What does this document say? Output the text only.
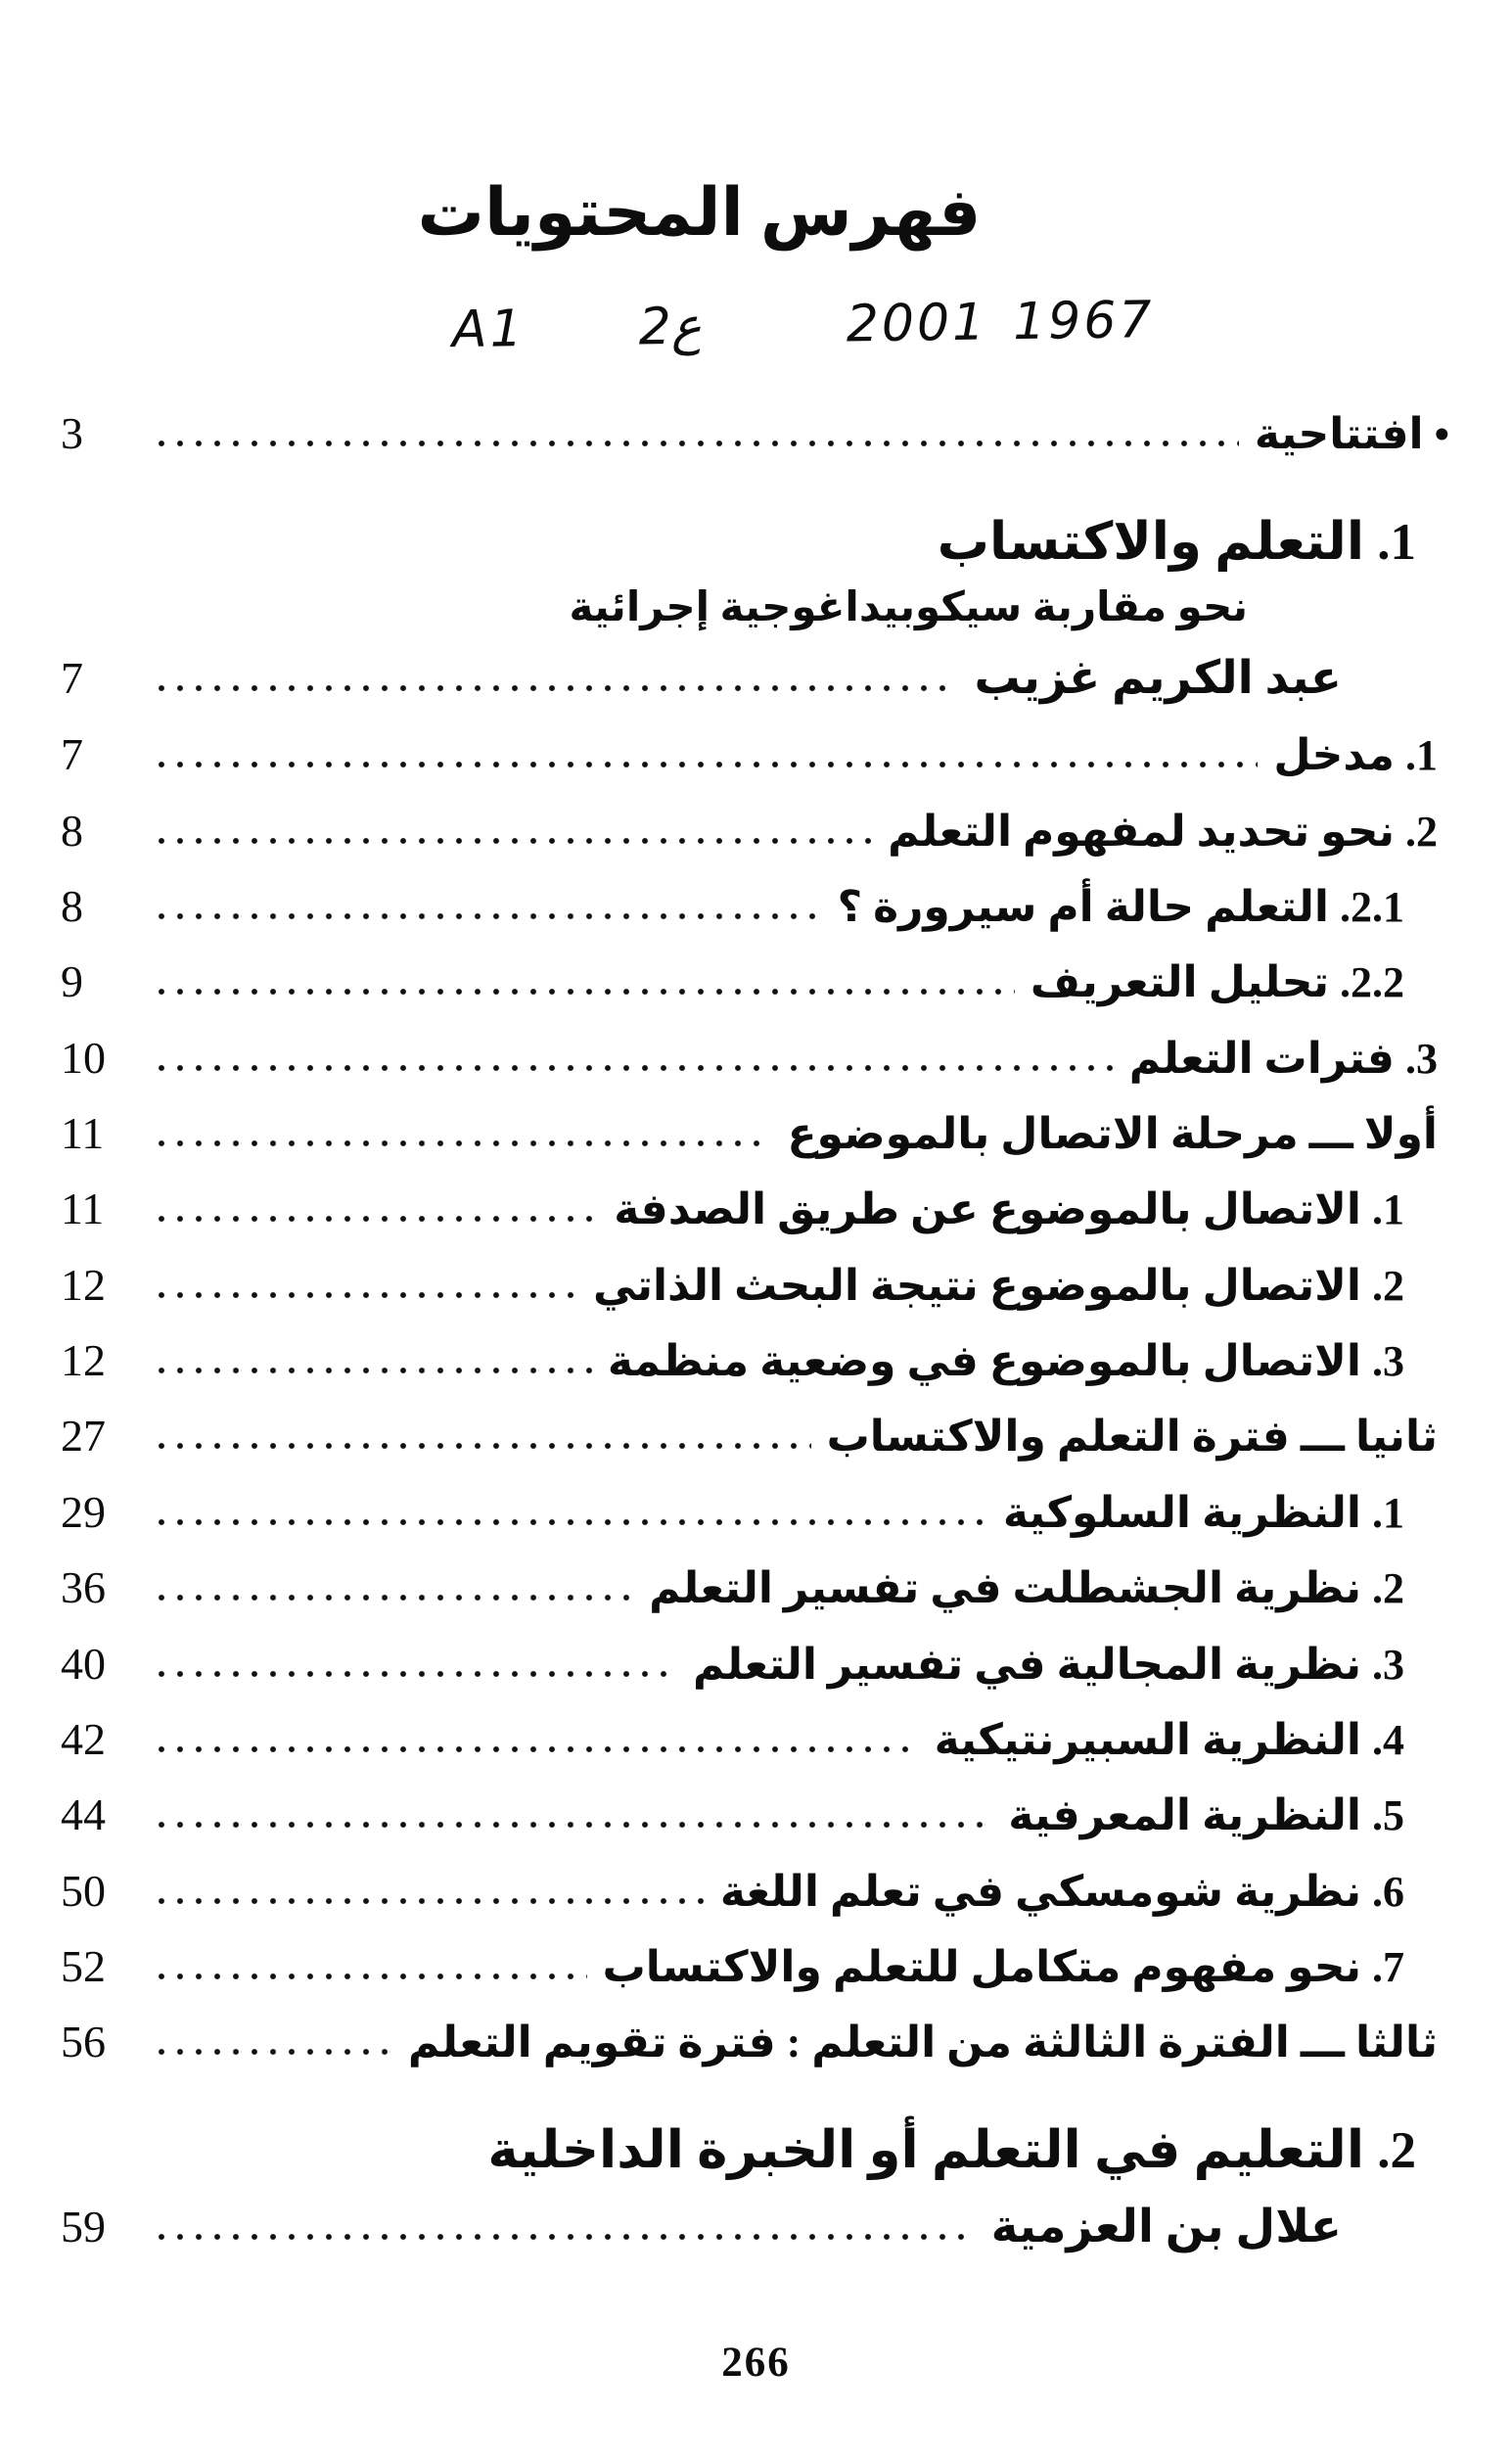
فهرس المحتويات
A1 2ع	2001 1967
• افتتاحية
3
1. التعلم والاكتساب
نحو مقاربة سيكوبيداغوجية إجرائية
عبد الكريم غزيب
7
1. مدخل
7
2. نحو تحديد لمفهوم التعلم
8
2.1. التعلم حالة أم سيرورة ؟
8
2.2. تحليل التعريف
9
3. فترات التعلم
10
أولا ـــ مرحلة الاتصال بالموضوع
11
1. الاتصال بالموضوع عن طريق الصدفة
11
2. الاتصال بالموضوع نتيجة البحث الذاتي
12
3. الاتصال بالموضوع في وضعية منظمة
12
ثانيا ـــ فترة التعلم والاكتساب
27
1. النظرية السلوكية
29
2. نظرية الجشطلت في تفسير التعلم
36
3. نظرية المجالية في تفسير التعلم
40
4. النظرية السبيرنتيكية
42
5. النظرية المعرفية
44
6. نظرية شومسكي في تعلم اللغة
50
7. نحو مفهوم متكامل للتعلم والاكتساب
52
ثالثا ـــ الفترة الثالثة من التعلم : فترة تقويم التعلم
56
2. التعليم في التعلم أو الخبرة الداخلية
علال بن العزمية
59
266
